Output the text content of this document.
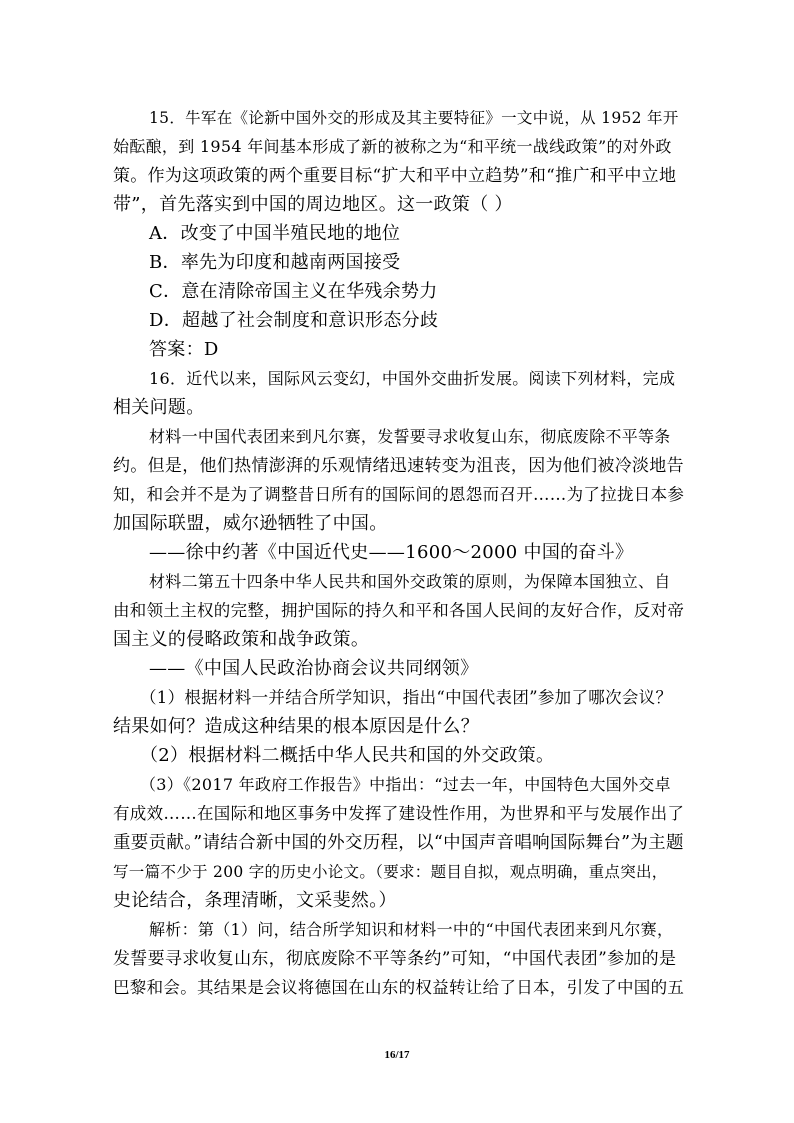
15．牛军在《论新中国外交的形成及其主要特征》一文中说，从 1952 年开
始酝酿，到 1954 年间基本形成了新的被称之为“和平统一战线政策”的对外政
策。作为这项政策的两个重要目标“扩大和平中立趋势”和“推广和平中立地
带”，首先落实到中国的周边地区。这一政策（ ）
A．改变了中国半殖民地的地位
B．率先为印度和越南两国接受
C．意在清除帝国主义在华残余势力
D．超越了社会制度和意识形态分歧
答案：D
16．近代以来，国际风云变幻，中国外交曲折发展。阅读下列材料，完成
相关问题。
材料一中国代表团来到凡尔赛，发誓要寻求收复山东，彻底废除不平等条
约。但是，他们热情澎湃的乐观情绪迅速转变为沮丧，因为他们被冷淡地告
知，和会并不是为了调整昔日所有的国际间的恩怨而召开……为了拉拢日本参
加国际联盟，威尔逊牺牲了中国。
——徐中约著《中国近代史——1600～2000 中国的奋斗》
材料二第五十四条中华人民共和国外交政策的原则，为保障本国独立、自
由和领土主权的完整，拥护国际的持久和平和各国人民间的友好合作，反对帝
国主义的侵略政策和战争政策。
——《中国人民政治协商会议共同纲领》
（1）根据材料一并结合所学知识，指出“中国代表团”参加了哪次会议？
结果如何？造成这种结果的根本原因是什么？
（2）根据材料二概括中华人民共和国的外交政策。
（3）《2017 年政府工作报告》中指出：“过去一年，中国特色大国外交卓
有成效……在国际和地区事务中发挥了建设性作用，为世界和平与发展作出了
重要贡献。”请结合新中国的外交历程，以“中国声音唱响国际舞台”为主题
写一篇不少于 200 字的历史小论文。（要求：题目自拟，观点明确，重点突出，
史论结合，条理清晰，文采斐然。）
解析：第（1）问，结合所学知识和材料一中的“中国代表团来到凡尔赛，
发誓要寻求收复山东，彻底废除不平等条约”可知，“中国代表团”参加的是
巴黎和会。其结果是会议将德国在山东的权益转让给了日本，引发了中国的五
16/17
